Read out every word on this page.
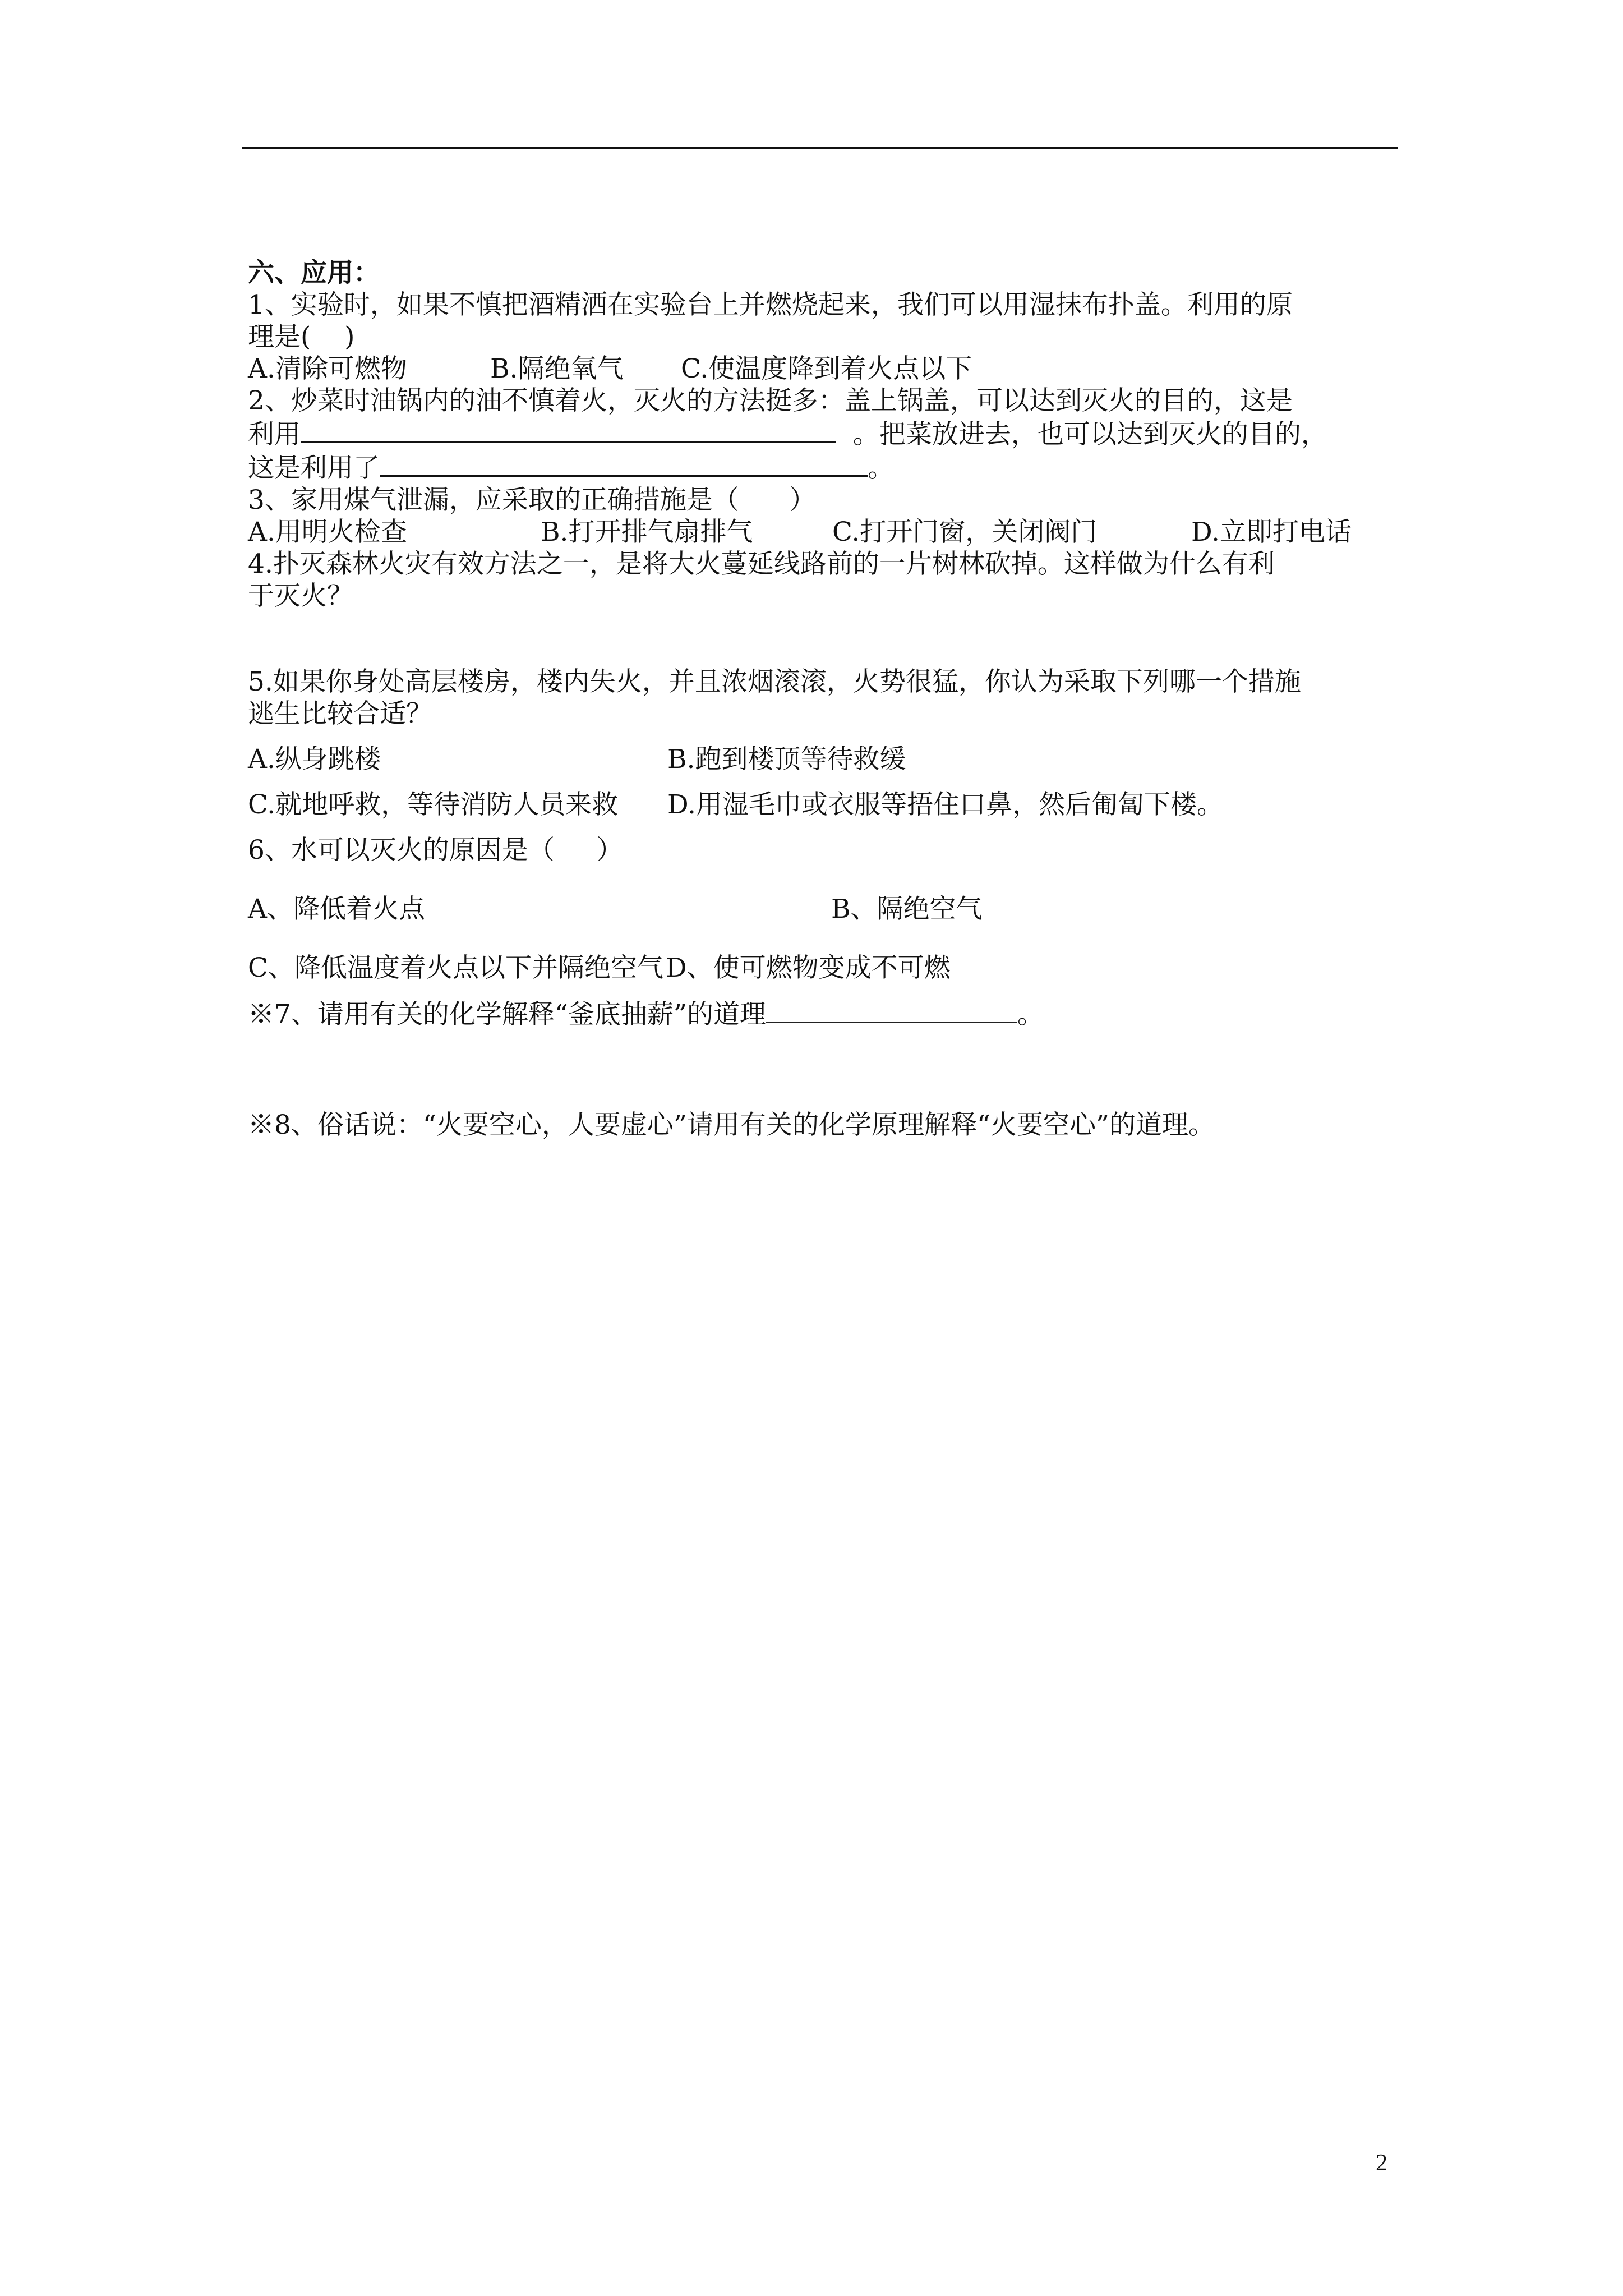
六、应用：

1、实验时，如果不慎把酒精洒在实验台上并燃烧起来，我们可以用湿抹布扑盖。利用的原

理是(    )

A.清除可燃物	B.隔绝氧气	C.使温度降到着火点以下

2、炒菜时油锅内的油不慎着火，灭火的方法挺多：盖上锅盖，可以达到灭火的目的，这是

利用	。把菜放进去，也可以达到灭火的目的，

这是利用了	。

3、家用煤气泄漏，应采取的正确措施是（      ）

A.用明火检查	B.打开排气扇排气	C.打开门窗，关闭阀门	D.立即打电话

4.扑灭森林火灾有效方法之一，是将大火蔓延线路前的一片树林砍掉。这样做为什么有利

于灭火？

5.如果你身处高层楼房，楼内失火，并且浓烟滚滚，火势很猛，你认为采取下列哪一个措施

逃生比较合适？

A.纵身跳楼	B.跑到楼顶等待救缓
C.就地呼救，等待消防人员来救	D.用湿毛巾或衣服等捂住口鼻，然后匍匐下楼。

6、水可以灭火的原因是（     ）

A、降低着火点	B、隔绝空气
C、降低温度着火点以下并隔绝空气 D、使可燃物变成不可燃

※7、请用有关的化学解释“釜底抽薪”的道理	。

※8、俗话说：“火要空心，人要虚心”请用有关的化学原理解释“火要空心”的道理。

2
